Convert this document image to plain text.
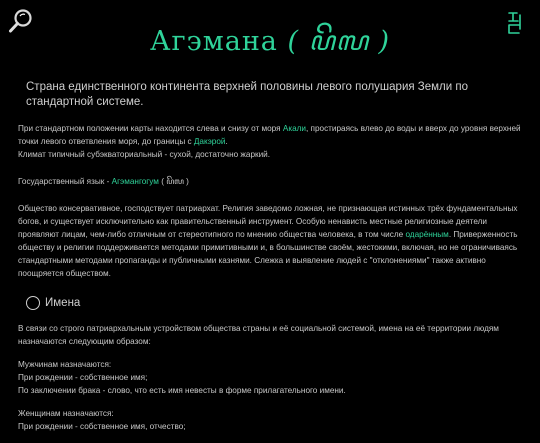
Агэмана ( ꦥꦼꦭ )
Страна единственного континента верхней половины левого полушария Земли по стандартной системе.

При стандартном положении карты находится слева и снизу от моря Акали, простираясь влево до воды и вверх до уровня верхней
точки левого ответвления моря, до границы с Дакэрой.
Климат типичный субэкваториальный - сухой, достаточно жаркий.

Государственный язык - Агэмангогум ( ꦥꦼꦭ )

Общество консервативное, господствует патриархат. Религия заведомо ложная, не признающая истинных трёх фундаментальных богов, и существует исключительно как правительственный инструмент. Особую ненависть местные религиозные деятели проявляют лицам, чем-либо отличным от стереотипного по мнению общества человека, в том числе одарённым. Приверженность обществу и религии поддерживается методами примитивными и, в большинстве своём, жестокими, включая, но не ограничиваясь стандартными методами пропаганды и публичными казнями. Слежка и выявление людей с "отклонениями" также активно поощряется обществом.

Имена

В связи со строго патриархальным устройством общества страны и её социальной системой, имена на её территории людям назначаются следующим образом:

Мужчинам назначаются:
При рождении - собственное имя;
По заключении брака - слово, что есть имя невесты в форме прилагательного имени.

Женщинам назначаются:
При рождении - собственное имя, отчество;
